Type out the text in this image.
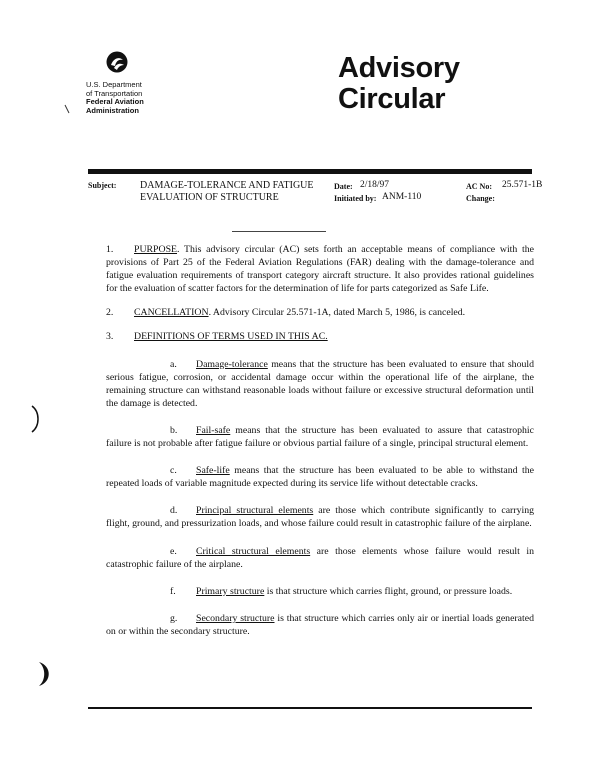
U.S. Department
of Transportation
Federal Aviation
Administration
Advisory
Circular
Subject: DAMAGE-TOLERANCE AND FATIGUE
EVALUATION OF STRUCTURE
Date:
Initiated by:
2/18/97
ANM-110
AC No:
Change:
25.571-1B

1. PURPOSE. This advisory circular (AC) sets forth an acceptable means of compliance with the provisions of Part 25 of the Federal Aviation Regulations (FAR) dealing with the damage-tolerance and fatigue evaluation requirements of transport category aircraft structure. It also provides rational guidelines for the evaluation of scatter factors for the determination of life for parts categorized as Safe Life.

2. CANCELLATION. Advisory Circular 25.571-1A, dated March 5, 1986, is canceled.

3. DEFINITIONS OF TERMS USED IN THIS AC.

a. Damage-tolerance means that the structure has been evaluated to ensure that should serious fatigue, corrosion, or accidental damage occur within the operational life of the airplane, the remaining structure can withstand reasonable loads without failure or excessive structural deformation until the damage is detected.

b. Fail-safe means that the structure has been evaluated to assure that catastrophic failure is not probable after fatigue failure or obvious partial failure of a single, principal structural element.

c. Safe-life means that the structure has been evaluated to be able to withstand the repeated loads of variable magnitude expected during its service life without detectable cracks.

d. Principal structural elements are those which contribute significantly to carrying flight, ground, and pressurization loads, and whose failure could result in catastrophic failure of the airplane.

e. Critical structural elements are those elements whose failure would result in catastrophic failure of the airplane.

f. Primary structure is that structure which carries flight, ground, or pressure loads.

g. Secondary structure is that structure which carries only air or inertial loads generated on or within the secondary structure.
